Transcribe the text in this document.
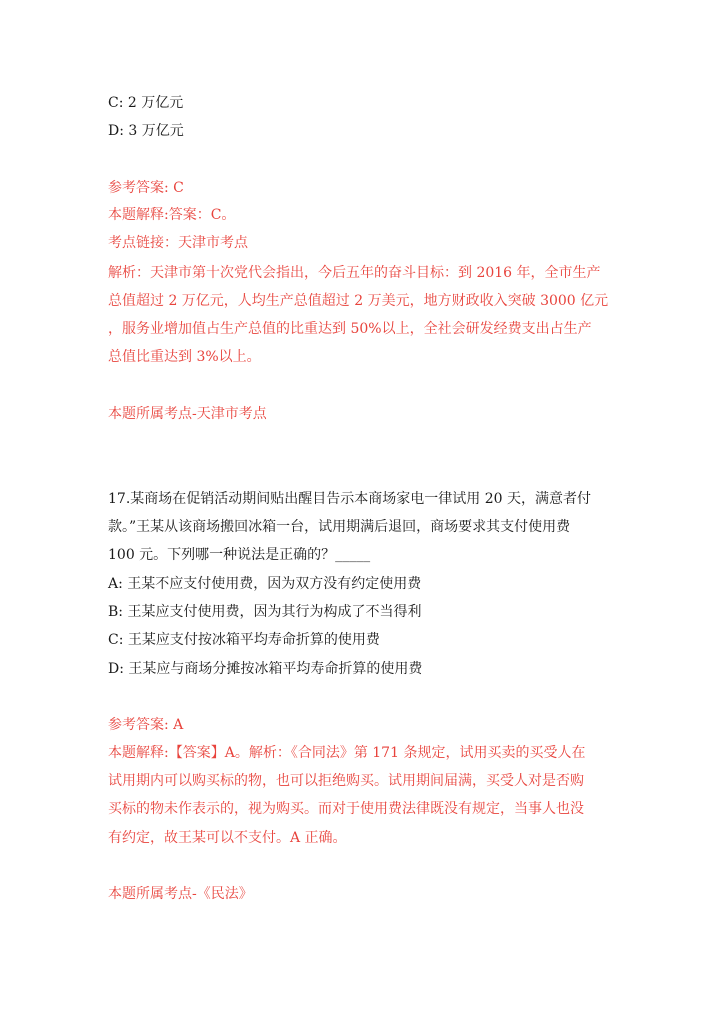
C: 2 万亿元
D: 3 万亿元
参考答案: C
本题解释:答案：C。
考点链接：天津市考点
解析：天津市第十次党代会指出，今后五年的奋斗目标：到 2016 年，全市生产
总值超过 2 万亿元，人均生产总值超过 2 万美元，地方财政收入突破 3000 亿元
，服务业增加值占生产总值的比重达到 50%以上，全社会研发经费支出占生产
总值比重达到 3%以上。
本题所属考点-天津市考点
17.某商场在促销活动期间贴出醒目告示本商场家电一律试用 20 天，满意者付
款。”王某从该商场搬回冰箱一台，试用期满后退回，商场要求其支付使用费
100 元。下列哪一种说法是正确的？_____
A: 王某不应支付使用费，因为双方没有约定使用费
B: 王某应支付使用费，因为其行为构成了不当得利
C: 王某应支付按冰箱平均寿命折算的使用费
D: 王某应与商场分摊按冰箱平均寿命折算的使用费
参考答案: A
本题解释:【答案】A。解析：《合同法》第 171 条规定，试用买卖的买受人在
试用期内可以购买标的物，也可以拒绝购买。试用期间届满，买受人对是否购
买标的物未作表示的，视为购买。而对于使用费法律既没有规定，当事人也没
有约定，故王某可以不支付。A 正确。
本题所属考点-《民法》
